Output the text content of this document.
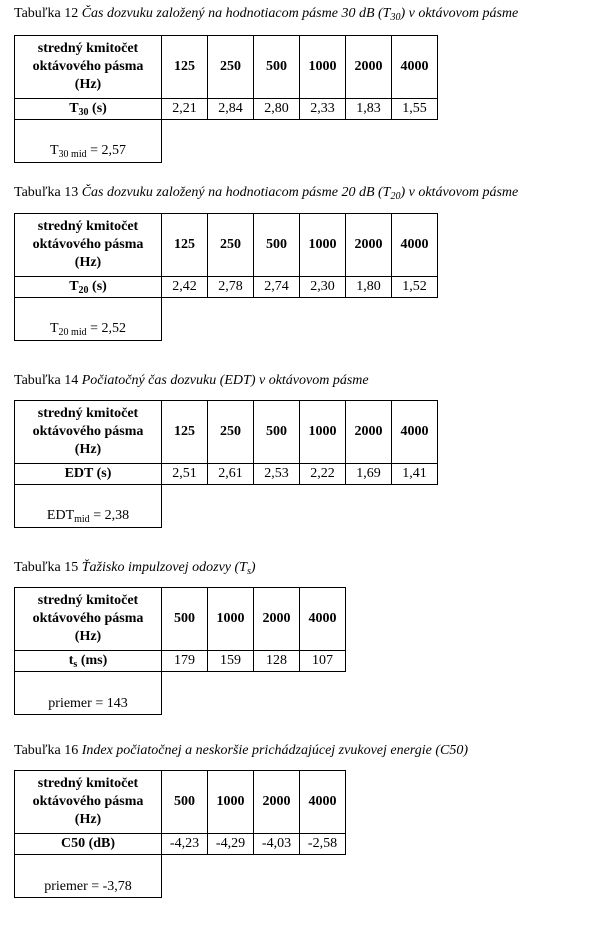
Tabuľka 12 Čas dozvuku založený na hodnotiacom pásme 30 dB $(T_{30})$ v oktávovom pásme
stredný kmitočet
oktávového pásma
(Hz)	125	250	500	1000	2000	4000
$T_{30}$ (s)	2,21	2,84	2,80	2,33	1,83	1,55
$T_{30 mid} = 2,57$						
Tabuľka 13 Čas dozvuku založený na hodnotiacom pásme 20 dB $(T_{20})$ v oktávovom pásme
stredný kmitočet
oktávového pásma
(Hz)	125	250	500	1000	2000	4000
$T_{20}$ (s)	2,42	2,78	2,74	2,30	1,80	1,52
$T_{20 mid} = 2,52$						
Tabuľka 14 Počiatočný čas dozvuku (EDT) v oktávovom pásme
stredný kmitočet
oktávového pásma
(Hz)	125	250	500	1000	2000	4000
EDT (s)	2,51	2,61	2,53	2,22	1,69	1,41
$EDT_{mid} = 2,38$						
Tabuľka 15 Ťažisko impulzovej odozvy $(T_s)$
stredný kmitočet
oktávového pásma
(Hz)	500	1000	2000	4000
$t_s$ (ms)	179	159	128	107
priemer = 143				
Tabuľka 16 Index počiatočnej a neskoršie prichádzajúcej zvukovej energie (C50)
stredný kmitočet
oktávového pásma
(Hz)	500	1000	2000	4000
C50 (dB)	-4,23	-4,29	-4,03	-2,58
priemer = -3,78				
